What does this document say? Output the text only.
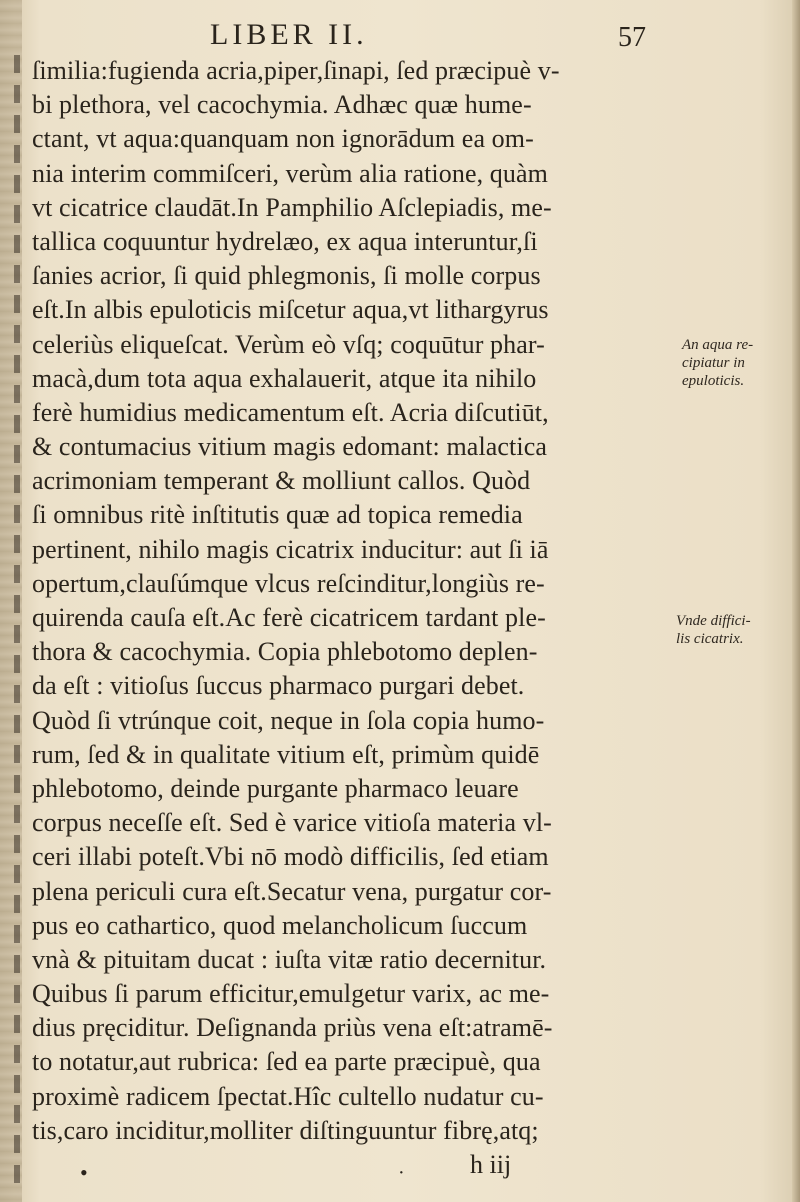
LIBER II.	57
ſimilia:fugienda acria,piper,ſinapi, ſed præcipuè v-
bi plethora, vel cacochymia. Adhæc quæ hume-
ctant, vt aqua:quanquam non ignorādum ea om-
nia interim commiſceri, verùm alia ratione, quàm
vt cicatrice claudāt.In Pamphilio Aſclepiadis, me-
tallica coquuntur hydrelæo, ex aqua interuntur,ſi
ſanies acrior, ſi quid phlegmonis, ſi molle corpus
eſt.In albis epuloticis miſcetur aqua,vt lithargyrus
celeriùs eliqueſcat. Verùm eò vſq; coquūtur phar-
macà,dum tota aqua exhalauerit, atque ita nihilo
ferè humidius medicamentum eſt. Acria diſcutiūt,
& contumacius vitium magis edomant: malactica
acrimoniam temperant & molliunt callos. Quòd
ſi omnibus ritè inſtitutis quæ ad topica remedia
pertinent, nihilo magis cicatrix inducitur: aut ſi iā
opertum,clauſúmque vlcus reſcinditur,longiùs re-
quirenda cauſa eſt.Ac ferè cicatricem tardant ple-
thora & cacochymia. Copia phlebotomo deplen-
da eſt : vitioſus ſuccus pharmaco purgari debet.
Quòd ſi vtrúnque coit, neque in ſola copia humo-
rum, ſed & in qualitate vitium eſt, primùm quidē
phlebotomo, deinde purgante pharmaco leuare
corpus neceſſe eſt. Sed è varice vitioſa materia vl-
ceri illabi poteſt.Vbi nō modò difficilis, ſed etiam
plena periculi cura eſt.Secatur vena, purgatur cor-
pus eo cathartico, quod melancholicum ſuccum
vnà & pituitam ducat : iuſta vitæ ratio decernitur.
Quibus ſi parum efficitur,emulgetur varix, ac me-
dius pręciditur. Deſignanda priùs vena eſt:atramē-
to notatur,aut rubrica: ſed ea parte præcipuè, qua
proximè radicem ſpectat.Hîc cultello nudatur cu-
tis,caro inciditur,molliter diſtinguuntur fibrę,atq;
An aqua re-
cipiatur in
epuloticis.
Vnde diffici-
lis cicatrix.
•	·	h iij
